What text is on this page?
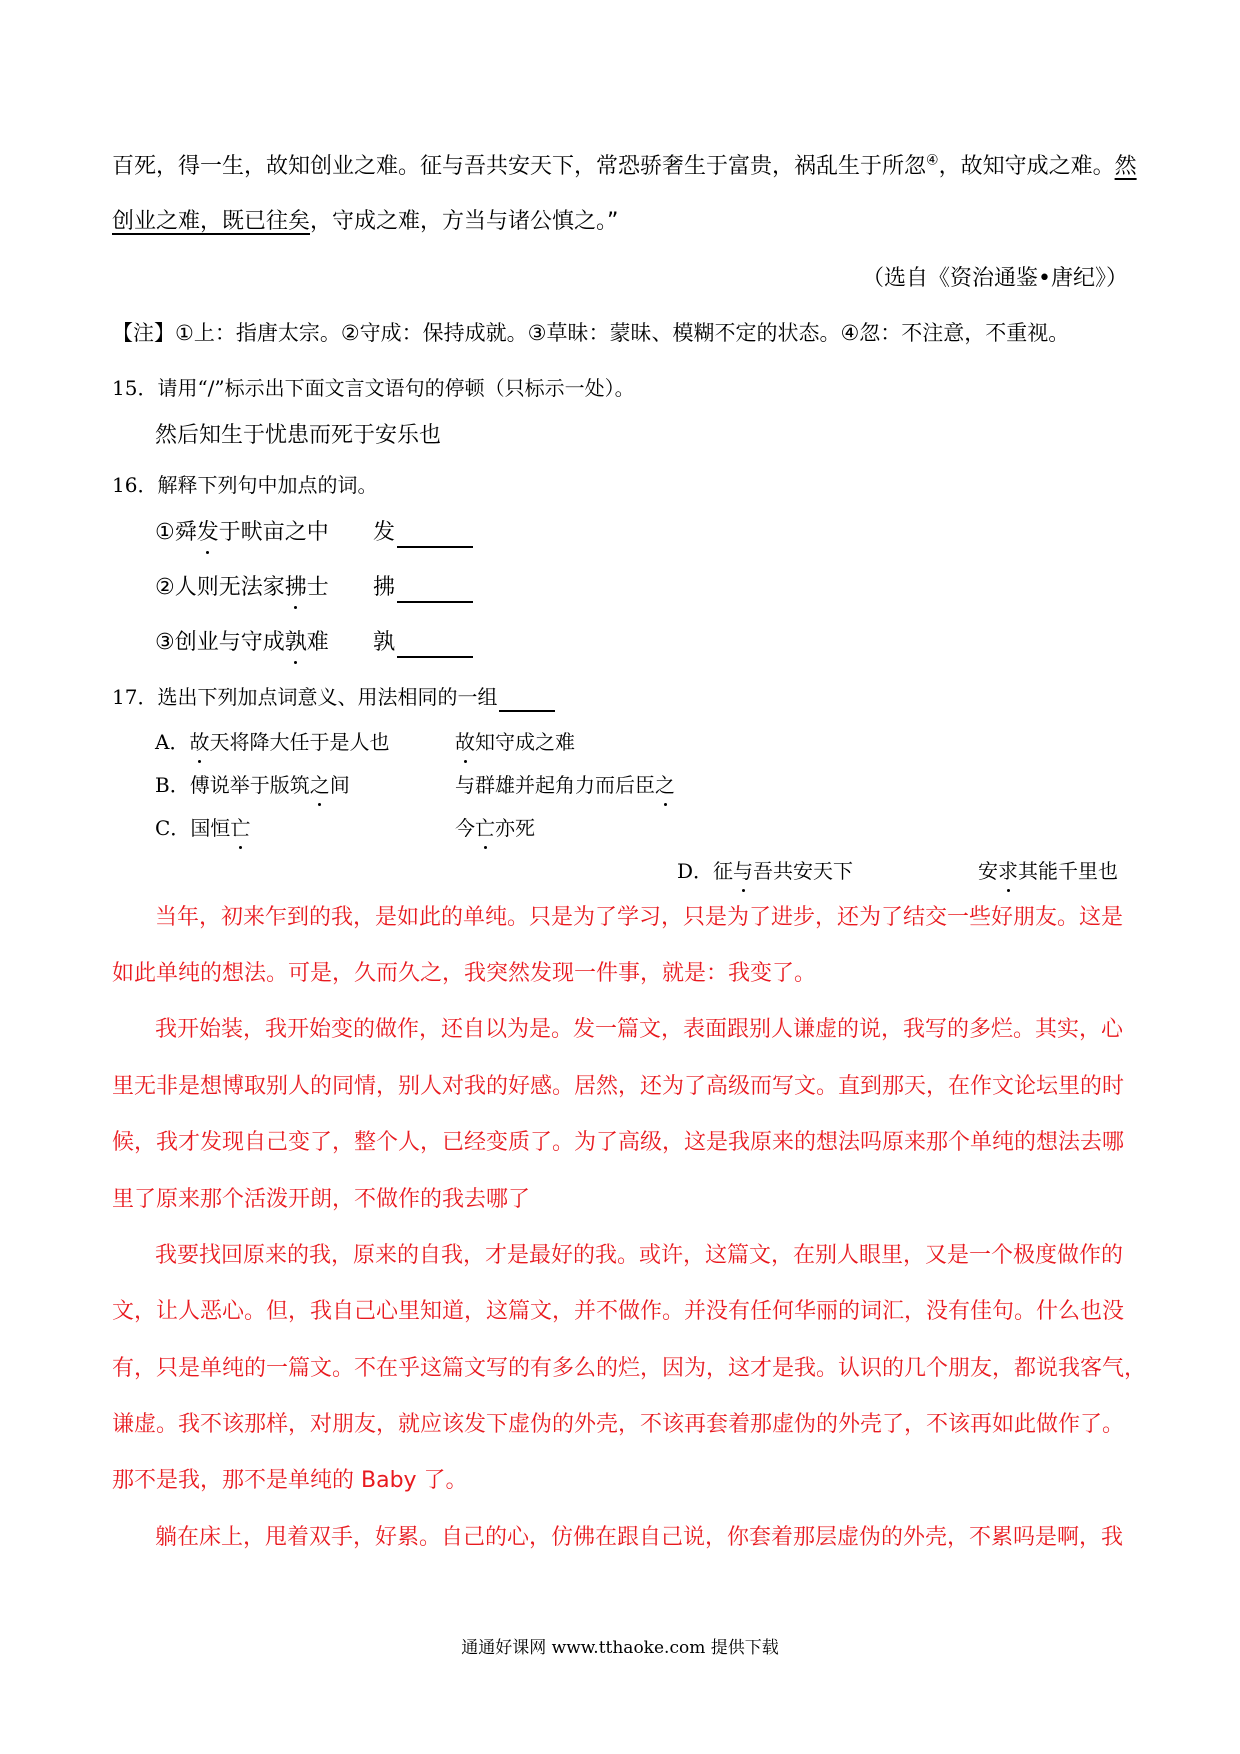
百死，得一生，故知创业之难。征与吾共安天下，常恐骄奢生于富贵，祸乱生于所忽④，故知守成之难。然
创业之难，既已往矣，守成之难，方当与诸公慎之。”
（选自《资治通鉴•唐纪》）
【注】①上：指唐太宗。②守成：保持成就。③草昧：蒙昧、模糊不定的状态。④忽：不注意，不重视。
15．请用“/”标示出下面文言文语句的停顿（只标示一处）。
然后知生于忧患而死于安乐也
16．解释下列句中加点的词。
①舜发于畎亩之中 发
②人则无法家拂士 拂
③创业与守成孰难 孰
17．选出下列加点词意义、用法相同的一组
A．故天将降大任于是人也	故知守成之难
B．傅说举于版筑之间	与群雄并起角力而后臣之
C．国恒亡	今亡亦死
D．征与吾共安天下	安求其能千里也
当年，初来乍到的我，是如此的单纯。只是为了学习，只是为了进步，还为了结交一些好朋友。这是
如此单纯的想法。可是，久而久之，我突然发现一件事，就是：我变了。
我开始装，我开始变的做作，还自以为是。发一篇文，表面跟别人谦虚的说，我写的多烂。其实，心
里无非是想博取别人的同情，别人对我的好感。居然，还为了高级而写文。直到那天，在作文论坛里的时
候，我才发现自己变了，整个人，已经变质了。为了高级，这是我原来的想法吗原来那个单纯的想法去哪
里了原来那个活泼开朗，不做作的我去哪了
我要找回原来的我，原来的自我，才是最好的我。或许，这篇文，在别人眼里，又是一个极度做作的
文，让人恶心。但，我自己心里知道，这篇文，并不做作。并没有任何华丽的词汇，没有佳句。什么也没
有，只是单纯的一篇文。不在乎这篇文写的有多么的烂，因为，这才是我。认识的几个朋友，都说我客气，
谦虚。我不该那样，对朋友，就应该发下虚伪的外壳，不该再套着那虚伪的外壳了，不该再如此做作了。
那不是我，那不是单纯的 Baby 了。
躺在床上，甩着双手，好累。自己的心，仿佛在跟自己说，你套着那层虚伪的外壳，不累吗是啊，我
通通好课网 www.tthaoke.com 提供下载
